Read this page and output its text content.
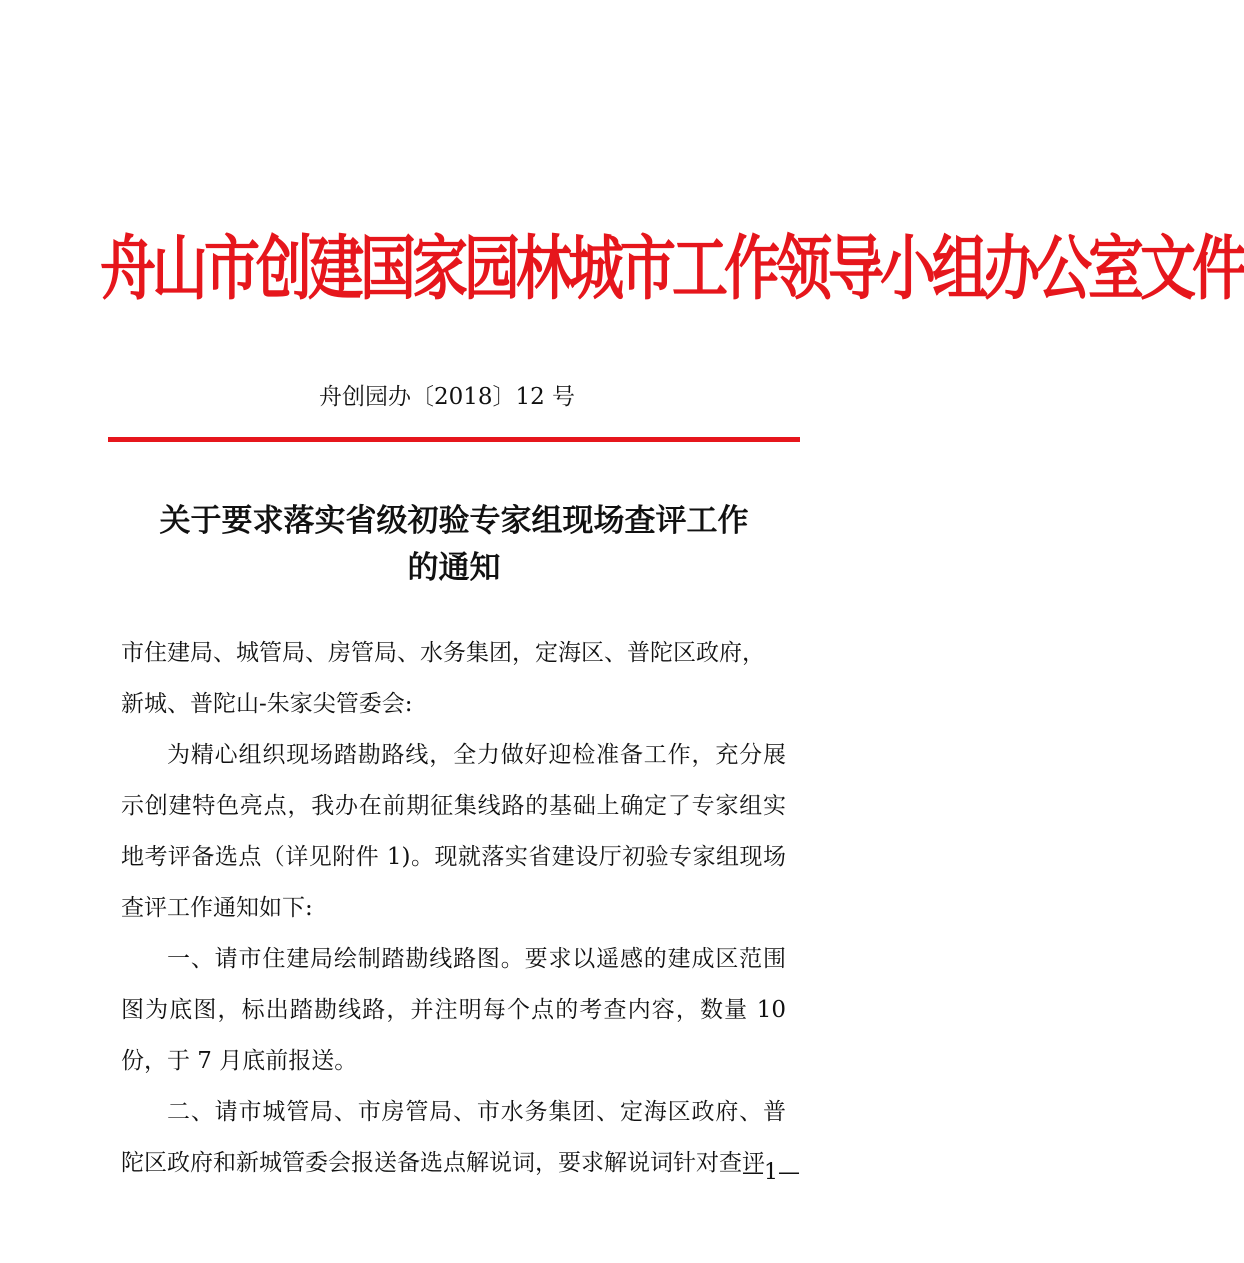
舟山市创建国家园林城市工作领导小组办公室文件
舟创园办〔2018〕12 号
关于要求落实省级初验专家组现场查评工作
的通知

市住建局、城管局、房管局、水务集团，定海区、普陀区政府，

新城、普陀山-朱家尖管委会:

为精心组织现场踏勘路线，全力做好迎检准备工作，充分展示创建特色亮点，我办在前期征集线路的基础上确定了专家组实地考评备选点（详见附件 1)。现就落实省建设厅初验专家组现场查评工作通知如下:

一、请市住建局绘制踏勘线路图。要求以遥感的建成区范围图为底图，标出踏勘线路，并注明每个点的考查内容，数量 10 份，于 7 月底前报送。

二、请市城管局、市房管局、市水务集团、定海区政府、普陀区政府和新城管委会报送备选点解说词，要求解说词针对查评

—1—
